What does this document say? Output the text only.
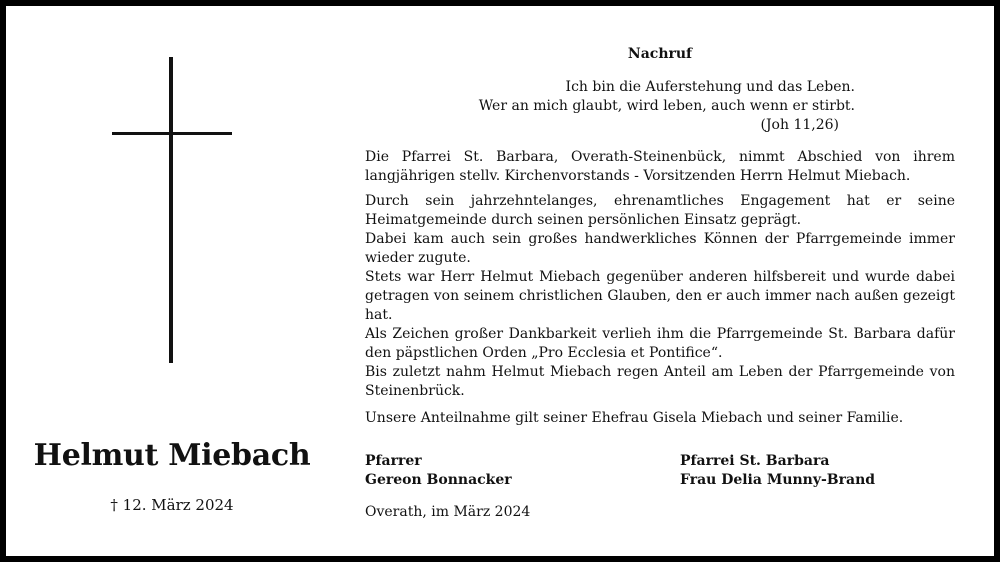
Helmut Miebach
† 12. März 2024
Nachruf
Ich bin die Auferstehung und das Leben.
Wer an mich glaubt, wird leben, auch wenn er stirbt.
(Joh 11,26)

Die Pfarrei St. Barbara, Overath-Steinenbück, nimmt Abschied von ihrem langjährigen stellv. Kirchenvorstands - Vorsitzenden Herrn Helmut Miebach.

Durch sein jahrzehntelanges, ehrenamtliches Engagement hat er seine Heimatgemeinde durch seinen persönlichen Einsatz geprägt.

Dabei kam auch sein großes handwerkliches Können der Pfarrgemeinde immer wieder zugute.

Stets war Herr Helmut Miebach gegenüber anderen hilfsbereit und wurde dabei getragen von seinem christlichen Glauben, den er auch immer nach außen gezeigt hat.

Als Zeichen großer Dankbarkeit verlieh ihm die Pfarrgemeinde St. Barbara dafür den päpstlichen Orden „Pro Ecclesia et Pontifice“.

Bis zuletzt nahm Helmut Miebach regen Anteil am Leben der Pfarrgemeinde von Steinenbrück.

Unsere Anteilnahme gilt seiner Ehefrau Gisela Miebach und seiner Familie.

Pfarrer
Gereon Bonnacker
Pfarrei St. Barbara
Frau Delia Munny-Brand
Overath, im März 2024
